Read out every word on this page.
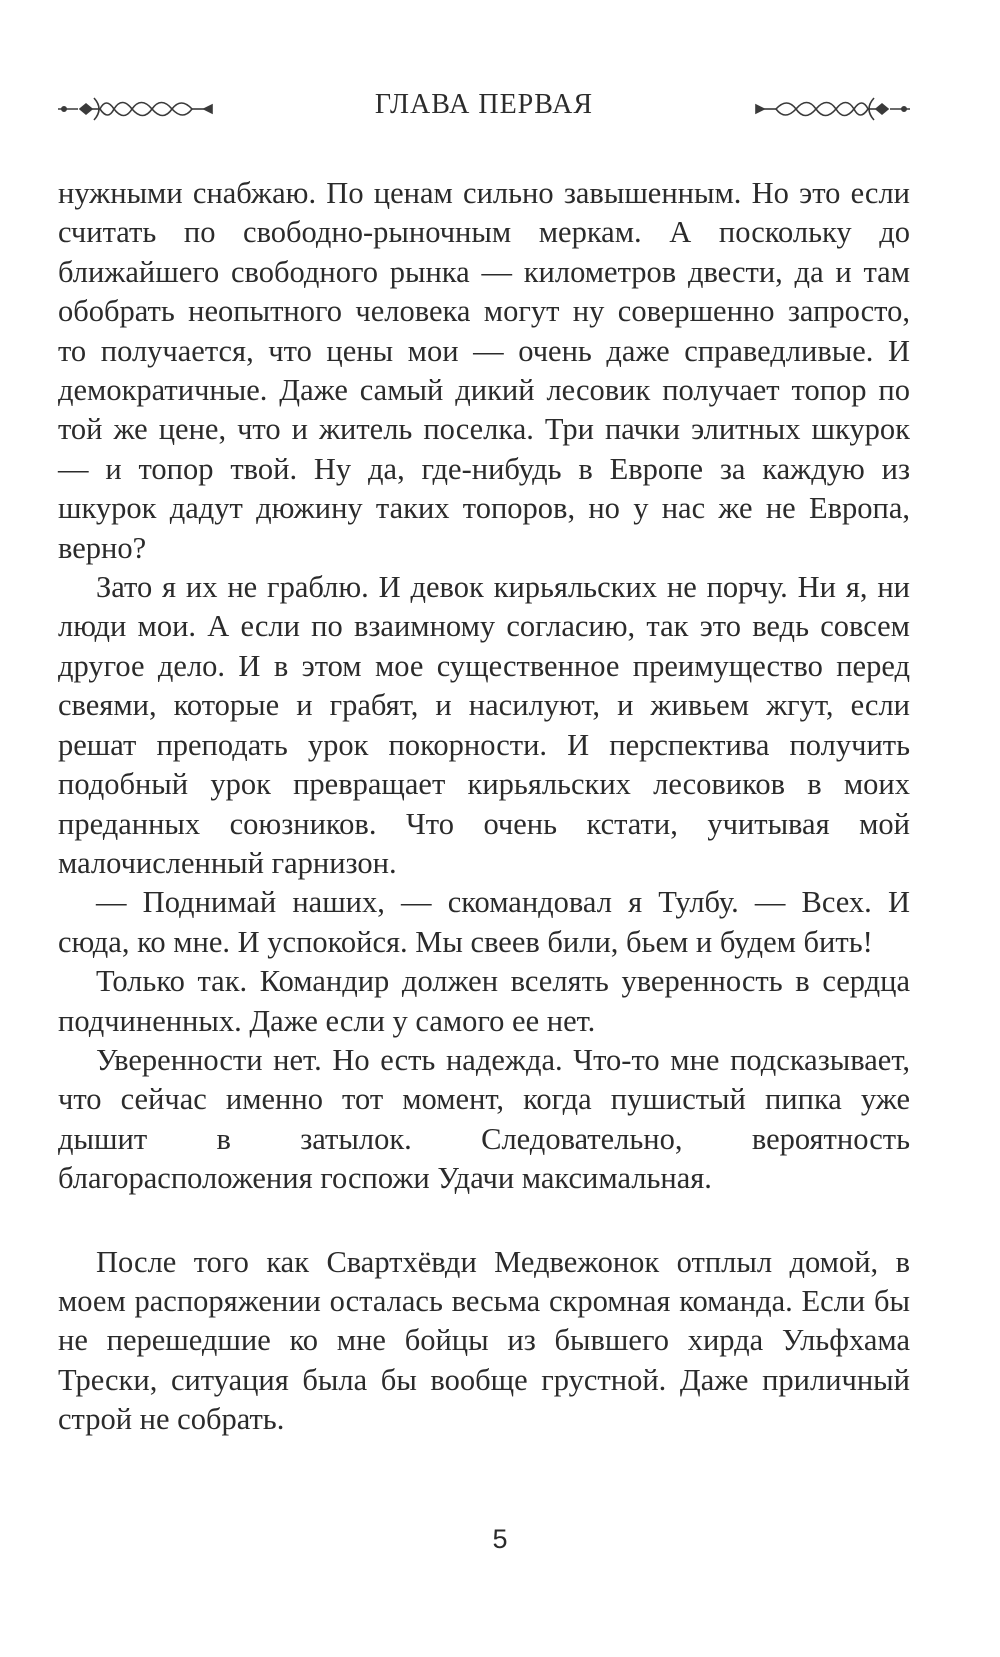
ГЛАВА ПЕРВАЯ

нужными снабжаю. По ценам сильно завышенным. Но это если считать по свободно-рыночным меркам. А поскольку до ближайшего свободного рынка — километров двести, да и там обобрать неопытного человека могут ну совершенно запросто, то получается, что цены мои — очень даже справедливые. И демократичные. Даже самый дикий лесовик получает топор по той же цене, что и житель поселка. Три пачки элитных шкурок — и топор твой. Ну да, где-нибудь в Европе за каждую из шкурок дадут дюжину таких топоров, но у нас же не Европа, верно?

Зато я их не граблю. И девок кирьяльских не порчу. Ни я, ни люди мои. А если по взаимному согласию, так это ведь совсем другое дело. И в этом мое существенное преимущество перед свеями, которые и грабят, и насилуют, и живьем жгут, если решат преподать урок покорности. И перспектива получить подобный урок превращает кирьяльских лесовиков в моих преданных союзников. Что очень кстати, учитывая мой малочисленный гарнизон.

— Поднимай наших, — скомандовал я Тулбу. — Всех. И сюда, ко мне. И успокойся. Мы свеев били, бьем и будем бить!

Только так. Командир должен вселять уверенность в сердца подчиненных. Даже если у самого ее нет.

Уверенности нет. Но есть надежда. Что-то мне подсказывает, что сейчас именно тот момент, когда пушистый пипка уже дышит в затылок. Следовательно, вероятность благорасположения госпожи Удачи максимальная.

После того как Свартхёвди Медвежонок отплыл домой, в моем распоряжении осталась весьма скромная команда. Если бы не перешедшие ко мне бойцы из бывшего хирда Ульфхама Трески, ситуация была бы вообще грустной. Даже приличный строй не собрать.

5
